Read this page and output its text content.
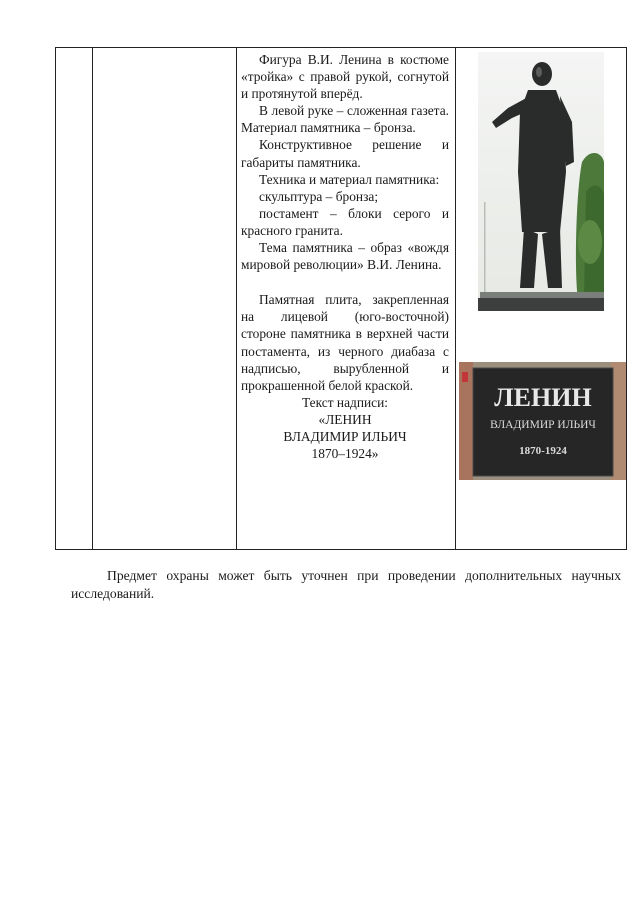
Фигура В.И. Ленина в костюме «тройка» с правой рукой, согнутой и протянутой вперёд.

В левой руке – сложенная газета. Материал памятника – бронза.

Конструктивное решение и габариты памятника.

Техника и материал памятника:

скульптура – бронза;

постамент – блоки серого и красного гранита.

Тема памятника – образ «вождя мировой революции» В.И. Ленина.

Памятная плита, закрепленная на лицевой (юго-восточной) стороне памятника в верхней части постамента, из черного диабаза с надписью, вырубленной и прокрашенной белой краской.

Текст надписи:

«ЛЕНИН

ВЛАДИМИР ИЛЬИЧ

1870–1924»

ЛЕНИН
ВЛАДИМИР ИЛЬИЧ
1870-1924

Предмет охраны может быть уточнен при проведении дополнительных научных исследований.
